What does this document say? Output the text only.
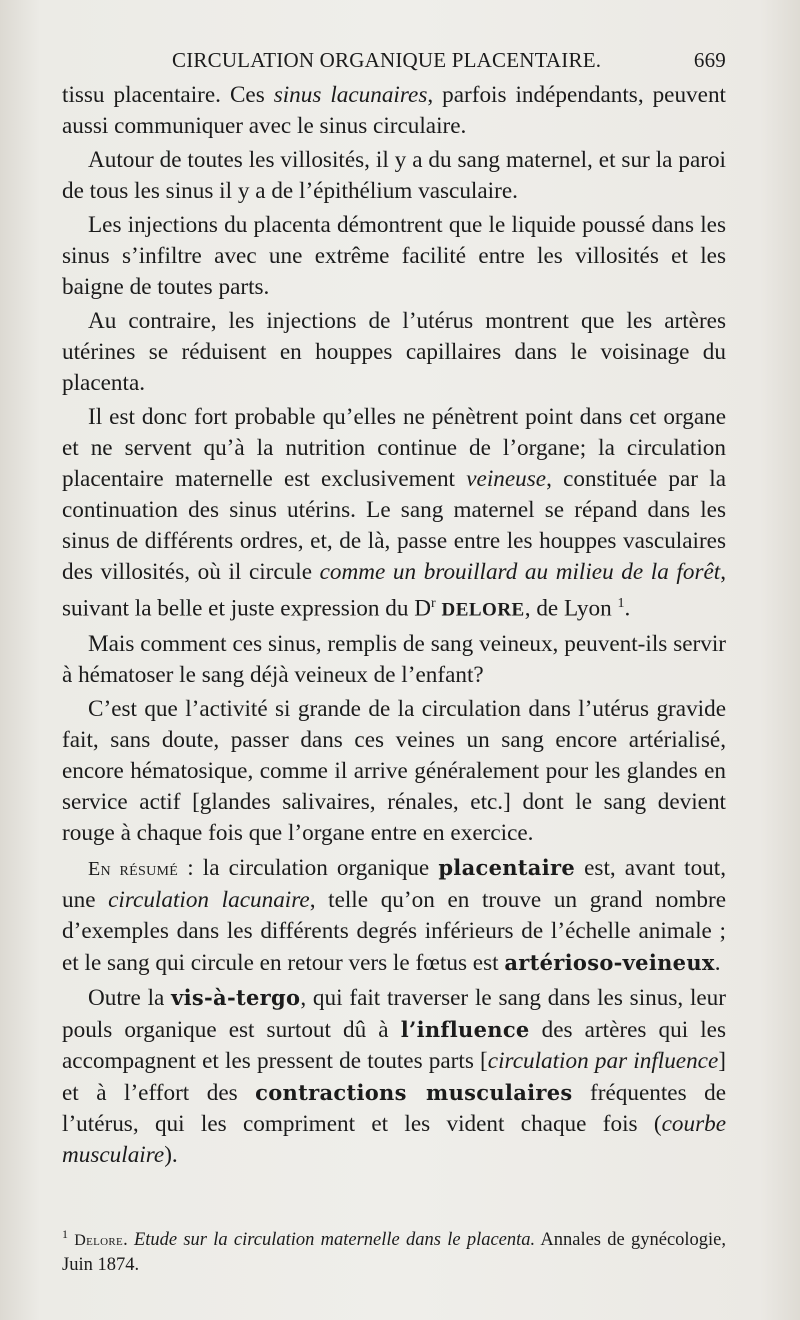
CIRCULATION ORGANIQUE PLACENTAIRE.	669

tissu placentaire. Ces sinus lacunaires, parfois indépendants, peuvent aussi communiquer avec le sinus circulaire.

Autour de toutes les villosités, il y a du sang maternel, et sur la paroi de tous les sinus il y a de l’épithélium vasculaire.

Les injections du placenta démontrent que le liquide poussé dans les sinus s’infiltre avec une extrême facilité entre les villosités et les baigne de toutes parts.

Au contraire, les injections de l’utérus montrent que les artères utérines se réduisent en houppes capillaires dans le voisinage du placenta.

Il est donc fort probable qu’elles ne pénètrent point dans cet organe et ne servent qu’à la nutrition continue de l’organe; la circulation placentaire maternelle est exclusivement veineuse, constituée par la continuation des sinus utérins. Le sang maternel se répand dans les sinus de différents ordres, et, de là, passe entre les houppes vasculaires des villosités, où il circule comme un brouillard au milieu de la forêt, suivant la belle et juste expression du $D^r$ DELORE, de Lyon $^1$.

Mais comment ces sinus, remplis de sang veineux, peuvent-ils servir à hématoser le sang déjà veineux de l’enfant?

C’est que l’activité si grande de la circulation dans l’utérus gravide fait, sans doute, passer dans ces veines un sang encore artérialisé, encore hématosique, comme il arrive généralement pour les glandes en service actif [glandes salivaires, rénales, etc.] dont le sang devient rouge à chaque fois que l’organe entre en exercice.

En résumé : la circulation organique placentaire est, avant tout, une circulation lacunaire, telle qu’on en trouve un grand nombre d’exemples dans les différents degrés inférieurs de l’échelle animale ; et le sang qui circule en retour vers le fœtus est artérioso-veineux.

Outre la vis-à-tergo, qui fait traverser le sang dans les sinus, leur pouls organique est surtout dû à l’influence des artères qui les accompagnent et les pressent de toutes parts [circulation par influence] et à l’effort des contractions musculaires fréquentes de l’utérus, qui les compriment et les vident chaque fois (courbe musculaire).

$^1$ Delore. Etude sur la circulation maternelle dans le placenta. Annales de gynécologie, Juin 1874.
